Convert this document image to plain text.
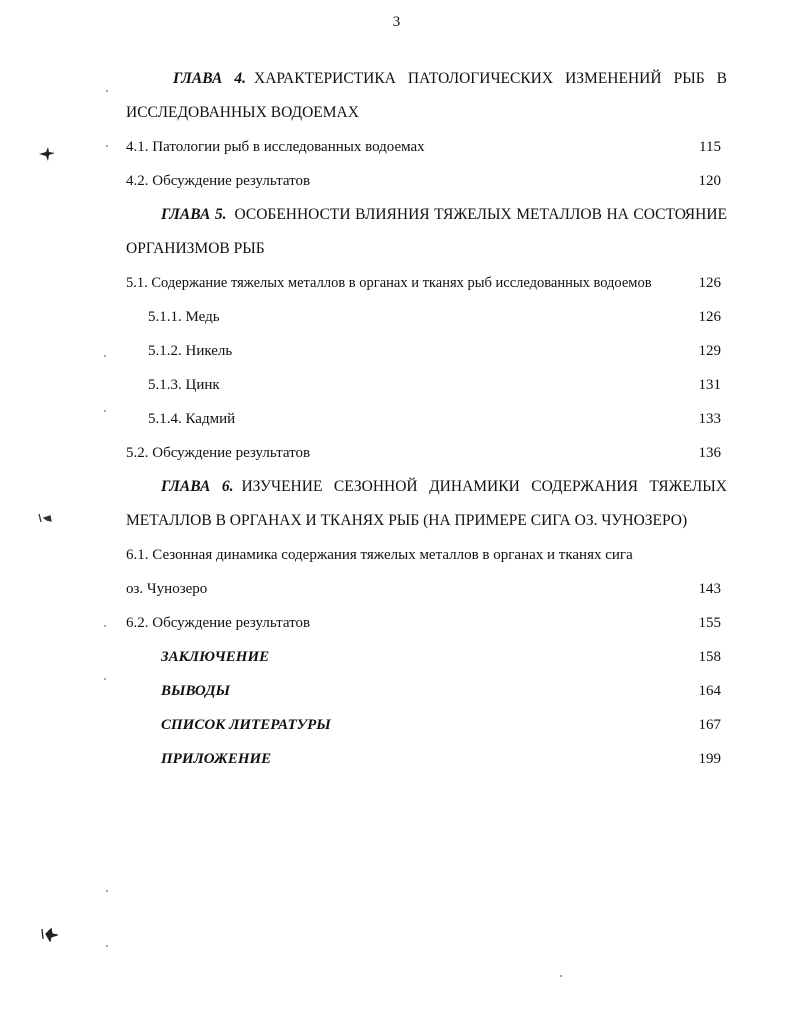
3
ГЛАВА 4. ХАРАКТЕРИСТИКА ПАТОЛОГИЧЕСКИХ ИЗМЕНЕНИЙ РЫБ В
ИССЛЕДОВАННЫХ ВОДОЕМАХ
4.1. Патологии рыб в исследованных водоемах	115
4.2. Обсуждение результатов	120
ГЛАВА 5. ОСОБЕННОСТИ ВЛИЯНИЯ ТЯЖЕЛЫХ МЕТАЛЛОВ НА СОСТОЯНИЕ
ОРГАНИЗМОВ РЫБ
5.1. Содержание тяжелых металлов в органах и тканях рыб исследованных водоемов	126
5.1.1. Медь	126
5.1.2. Никель	129
5.1.3. Цинк	131
5.1.4. Кадмий	133
5.2. Обсуждение результатов	136
ГЛАВА 6. ИЗУЧЕНИЕ СЕЗОННОЙ ДИНАМИКИ СОДЕРЖАНИЯ ТЯЖЕЛЫХ
МЕТАЛЛОВ В ОРГАНАХ И ТКАНЯХ РЫБ (НА ПРИМЕРЕ СИГА ОЗ. ЧУНОЗЕРО)
6.1. Сезонная динамика содержания тяжелых металлов в органах и тканях сига
оз. Чунозеро	143
6.2. Обсуждение результатов	155
ЗАКЛЮЧЕНИЕ	158
ВЫВОДЫ	164
СПИСОК ЛИТЕРАТУРЫ	167
ПРИЛОЖЕНИЕ	199
